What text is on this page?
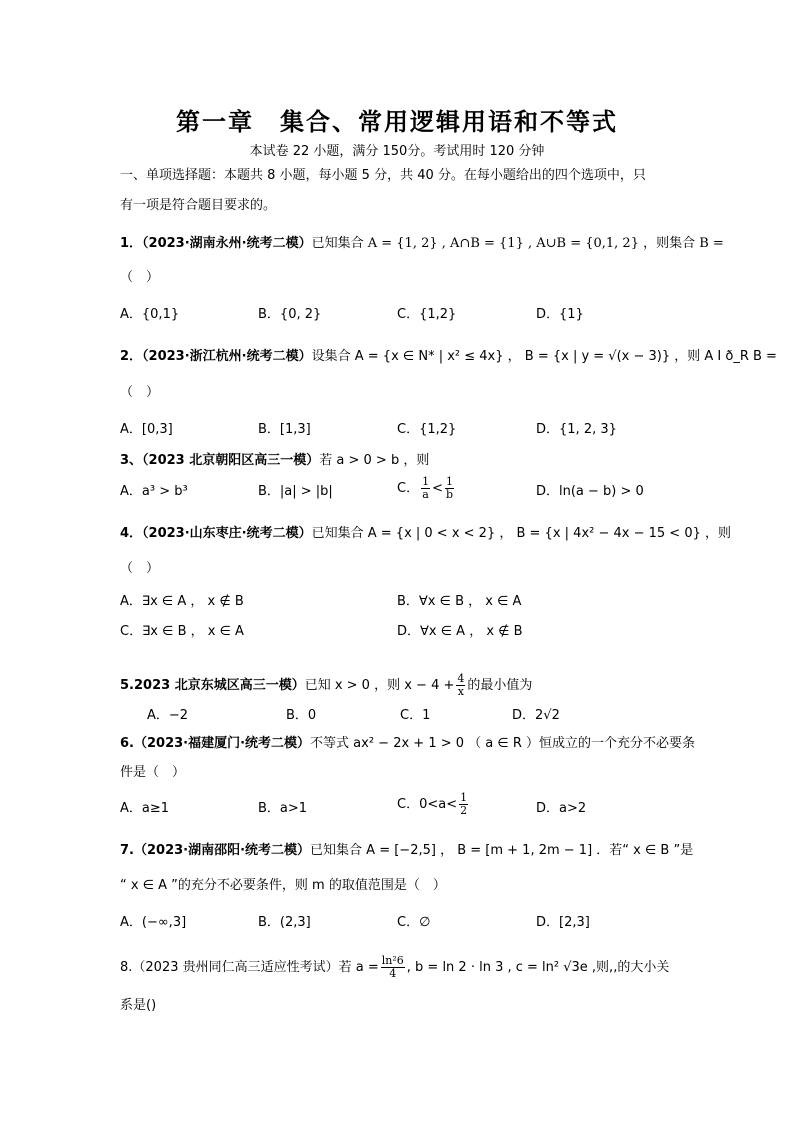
第一章　集合、常用逻辑用语和不等式
本试卷 22 小题，满分 150分。考试用时 120 分钟
一、单项选择题：本题共 8 小题，每小题 5 分，共 40 分。在每小题给出的四个选项中，只
有一项是符合题目要求的。
1．（2023·湖南永州·统考二模）已知集合 A = {1, 2} , A∩B = {1} , A∪B = {0,1, 2} ，则集合 B =
（　）
A．{0,1}	B．{0, 2}	C．{1,2}	D．{1}
2．（2023·浙江杭州·统考二模）设集合 A = {x ∈ N* | x² ≤ 4x} ， B = {x | y = √(x − 3)} ，则 A I ð_R B =
（　）
A．[0,3]	B．[1,3]	C．{1,2}	D．{1, 2, 3}
3、（2023 北京朝阳区高三一模）若 a > 0 > b ，则
A．a³ > b³	B．|a| > |b|	C． $\frac{1}{a} < \frac{1}{b}$	D．ln(a − b) > 0
4．（2023·山东枣庄·统考二模）已知集合 A = {x | 0 < x < 2} ， B = {x | 4x² − 4x − 15 < 0} ，则
（　）
A．∃x ∈ A ， x ∉ B	B．∀x ∈ B ， x ∈ A
C．∃x ∈ B ， x ∈ A	D．∀x ∈ A ， x ∉ B
5.2023 北京东城区高三一模）已知 x > 0 ，则 $x - 4 + \frac{4}{x}$ 的最小值为
A．−2	B．0	C．1	D．2√2
6.（2023·福建厦门·统考二模）不等式 ax² − 2x + 1 > 0 （ a ∈ R ）恒成立的一个充分不必要条
件是（　）
A．a≥1	B．a>1	C．$0<a< \frac{1}{2}$	D．a>2
7.（2023·湖南邵阳·统考二模）已知集合 A = [−2,5] ， B = [m + 1, 2m − 1] ．若“ x ∈ B ”是
“ x ∈ A ”的充分不必要条件，则 m 的取值范围是（　）
A．(−∞,3]	B．(2,3]	C．∅	D．[2,3]
8.（2023 贵州同仁高三适应性考试）若 $a = \frac{\text{ln²6}}{4}$ , b = ln 2 · ln 3 , c = ln² √3e ,则,,的大小关
系是()
